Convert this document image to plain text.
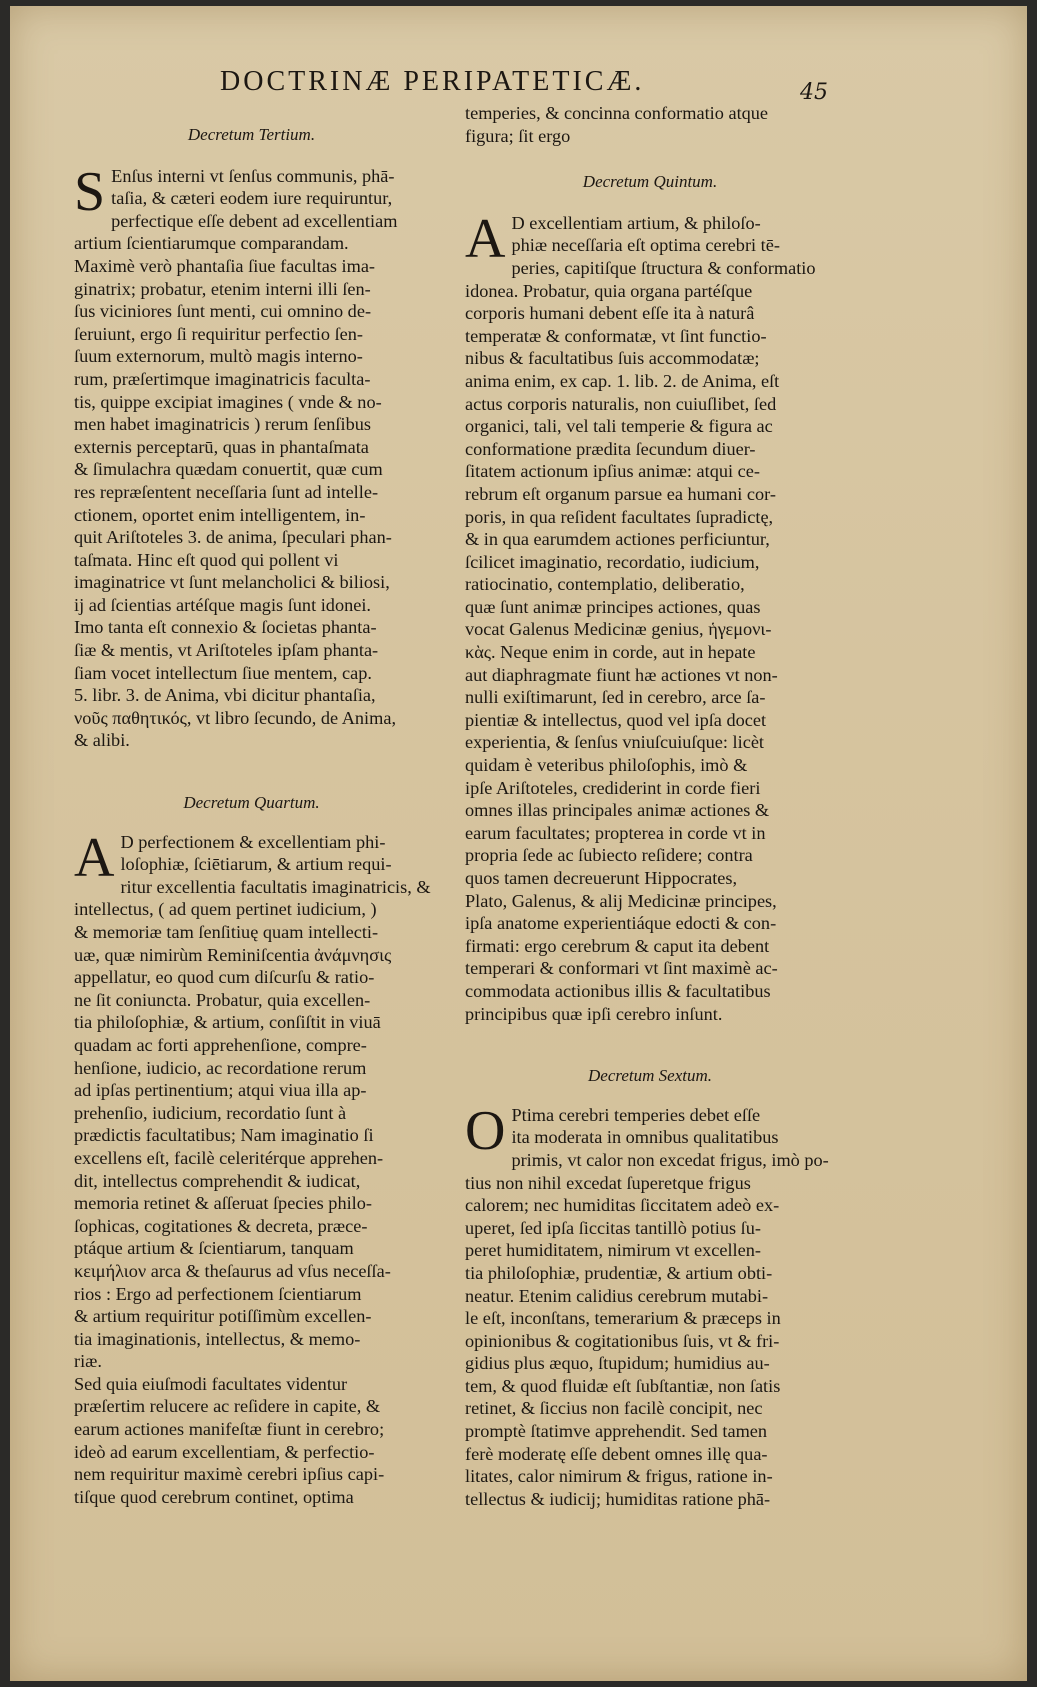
DOCTRINÆ PERIPATETICÆ.	45
Decretum Tertium.
S Enſus interni vt ſenſus communis, phā-
taſia, & cæteri eodem iure requiruntur,
perfectique eſſe debent ad excellentiam
artium ſcientiarumque comparandam.
Maximè verò phantaſia ſiue facultas ima-
ginatrix; probatur, etenim interni illi ſen-
ſus viciniores ſunt menti, cui omnino de-
ſeruiunt, ergo ſi requiritur perfectio ſen-
ſuum externorum, multò magis interno-
rum, præſertimque imaginatricis faculta-
tis, quippe excipiat imagines ( vnde & no-
men habet imaginatricis ) rerum ſenſibus
externis perceptarū, quas in phantaſmata
& ſimulachra quædam conuertit, quæ cum
res repræſentent neceſſaria ſunt ad intelle-
ctionem, oportet enim intelligentem, in-
quit Ariſtoteles 3. de anima, ſpeculari phan-
taſmata. Hinc eſt quod qui pollent vi
imaginatrice vt ſunt melancholici & biliosi,
ij ad ſcientias artéſque magis ſunt idonei.
Imo tanta eſt connexio & ſocietas phanta-
ſiæ & mentis, vt Ariſtoteles ipſam phanta-
ſiam vocet intellectum ſiue mentem, cap.
5. libr. 3. de Anima, vbi dicitur phantaſia,
νοῦς παθητικός, vt libro ſecundo, de Anima,
& alibi.

Decretum Quartum.
A D perfectionem & excellentiam phi-
loſophiæ, ſciētiarum, & artium requi-
ritur excellentia facultatis imaginatricis, &
intellectus, ( ad quem pertinet iudicium, )
& memoriæ tam ſenſitiuę quam intellecti-
uæ, quæ nimirùm Reminiſcentia ἀνάμνησις
appellatur, eo quod cum diſcurſu & ratio-
ne ſit coniuncta. Probatur, quia excellen-
tia philoſophiæ, & artium, conſiſtit in viuā
quadam ac forti apprehenſione, compre-
henſione, iudicio, ac recordatione rerum
ad ipſas pertinentium; atqui viua illa ap-
prehenſio, iudicium, recordatio ſunt à
prædictis facultatibus; Nam imaginatio ſi
excellens eſt, facilè celeritérque apprehen-
dit, intellectus comprehendit & iudicat,
memoria retinet & aſſeruat ſpecies philo-
ſophicas, cogitationes & decreta, præce-
ptáque artium & ſcientiarum, tanquam
κειμήλιον arca & theſaurus ad vſus neceſſa-
rios : Ergo ad perfectionem ſcientiarum
& artium requiritur potiſſimùm excellen-
tia imaginationis, intellectus, & memo-
riæ.
Sed quia eiuſmodi facultates videntur
præſertim relucere ac reſidere in capite, &
earum actiones manifeſtæ fiunt in cerebro;
ideò ad earum excellentiam, & perfectio-
nem requiritur maximè cerebri ipſius capi-
tiſque quod cerebrum continet, optima

temperies, & concinna conformatio atque
figura; ſit ergo

Decretum Quintum.
A D excellentiam artium, & philoſo-
phiæ neceſſaria eſt optima cerebri tē-
peries, capitiſque ſtructura & conformatio
idonea. Probatur, quia organa partéſque
corporis humani debent eſſe ita à naturâ
temperatæ & conformatæ, vt ſint functio-
nibus & facultatibus ſuis accommodatæ;
anima enim, ex cap. 1. lib. 2. de Anima, eſt
actus corporis naturalis, non cuiuſlibet, ſed
organici, tali, vel tali temperie & figura ac
conformatione prædita ſecundum diuer-
ſitatem actionum ipſius animæ: atqui ce-
rebrum eſt organum parsue ea humani cor-
poris, in qua reſident facultates ſupradictę,
& in qua earumdem actiones perficiuntur,
ſcilicet imaginatio, recordatio, iudicium,
ratiocinatio, contemplatio, deliberatio,
quæ ſunt animæ principes actiones, quas
vocat Galenus Medicinæ genius, ἡγεμονι-
κὰς. Neque enim in corde, aut in hepate
aut diaphragmate fiunt hæ actiones vt non-
nulli exiſtimarunt, ſed in cerebro, arce ſa-
pientiæ & intellectus, quod vel ipſa docet
experientia, & ſenſus vniuſcuiuſque: licèt
quidam è veteribus philoſophis, imò &
ipſe Ariſtoteles, crediderint in corde fieri
omnes illas principales animæ actiones &
earum facultates; propterea in corde vt in
propria ſede ac ſubiecto reſidere; contra
quos tamen decreuerunt Hippocrates,
Plato, Galenus, & alij Medicinæ principes,
ipſa anatome experientiáque edocti & con-
firmati: ergo cerebrum & caput ita debent
temperari & conformari vt ſint maximè ac-
commodata actionibus illis & facultatibus
principibus quæ ipſi cerebro inſunt.

Decretum Sextum.
O Ptima cerebri temperies debet eſſe
ita moderata in omnibus qualitatibus
primis, vt calor non excedat frigus, imò po-
tius non nihil excedat ſuperetque frigus
calorem; nec humiditas ſiccitatem adeò ex-
uperet, ſed ipſa ſiccitas tantillò potius ſu-
peret humiditatem, nimirum vt excellen-
tia philoſophiæ, prudentiæ, & artium obti-
neatur. Etenim calidius cerebrum mutabi-
le eſt, inconſtans, temerarium & præceps in
opinionibus & cogitationibus ſuis, vt & fri-
gidius plus æquo, ſtupidum; humidius au-
tem, & quod fluidæ eſt ſubſtantiæ, non ſatis
retinet, & ſiccius non facilè concipit, nec
promptè ſtatimve apprehendit. Sed tamen
ferè moderatę eſſe debent omnes illę qua-
litates, calor nimirum & frigus, ratione in-
tellectus & iudicij; humiditas ratione phā-
